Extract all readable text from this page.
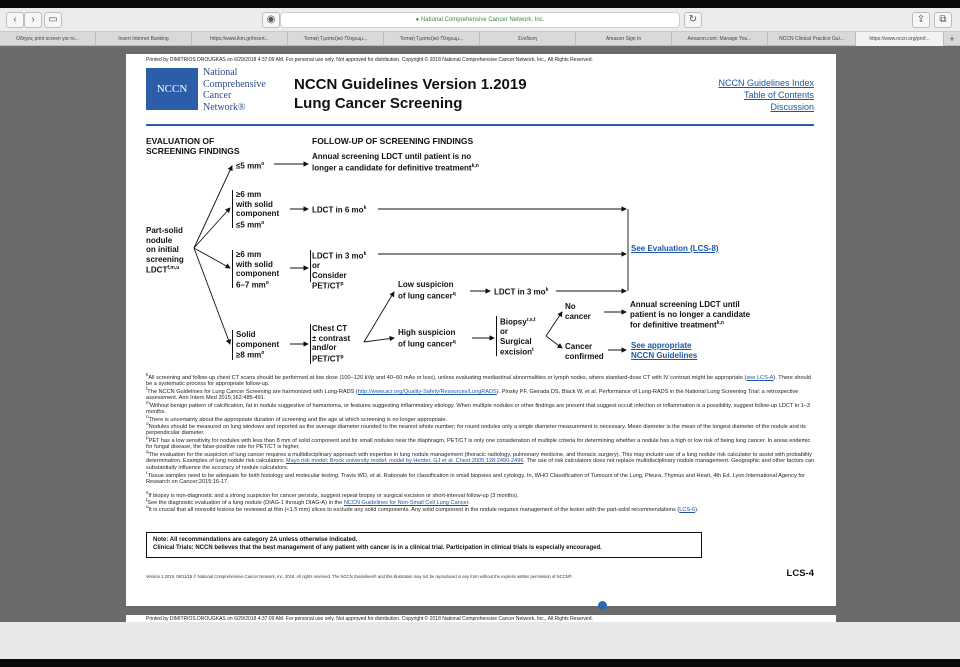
‹	›	▭	◉	● National Comprehensive Cancer Network, Inc.	↻	⇪	⧉
Οδηγός print screen για το...	Insert Internet Banking	https://www.lkm.gr/Insert...	Τοπική Τραπεζικό Πληρωμ...	Τοπική Τραπεζικό Πληρωμ...	Σύνδεση	Amazon Sign In	Amazon.com: Manage You...	NCCN Clinical Practice Gui...	https://www.nccn.org/prof...	+
Printed by DIMITRIOS DROUGKAS on 6/29/2018 4:37:09 AM. For personal use only. Not approved for distribution. Copyright © 2018 National Comprehensive Cancer Network, Inc., All Rights Reserved.
NCCN
National
Comprehensive
Cancer
Network®
NCCN Guidelines Version 1.2019
Lung Cancer Screening
NCCN Guidelines Index
Table of Contents
Discussion
EVALUATION OF SCREENING FINDINGS
FOLLOW-UP OF SCREENING FINDINGS
Part-solid
nodule
on initial
screening
LDCT$^{f,m,u}$
≤5 $mm^o$
≥6 mm
with solid
component
≤5 $mm^o$
≥6 mm
with solid
component
6–7 $mm^o$
Solid
component
≥8 $mm^o$
Annual screening LDCT until patient is no
longer a candidate for definitive treatment$^{k,n}$
LDCT in 6 $mo^k$
LDCT in 3 $mo^k$
or
Consider
PET/$CT^p$
Chest CT
± contrast
and/or
PET/$CT^p$
Low suspicion
of lung cancer$^q$
High suspicion
of lung cancer$^q$
LDCT in 3 $mo^k$
Biopsy$^{r,s,t}$
or
Surgical
excision$^t$
No
cancer
Cancer
confirmed
See Evaluation (LCS-8)
Annual screening LDCT until
patient is no longer a candidate
for definitive treatment$^{k,n}$
See appropriate
NCCN Guidelines
$^k$All screening and follow-up chest CT scans should be performed at low dose (100–120 kVp and 40–60 mAs or less), unless evaluating mediastinal abnormalities or lymph nodes, where standard-dose CT with IV contrast might be appropriate (see LCS-A). There should be a systematic process for appropriate follow-up.
$^f$The NCCN Guidelines for Lung Cancer Screening are harmonized with Lung-RADS (http://www.acr.org/Quality-Safety/Resources/LungRADS). Pinsky PF, Gierada DS, Black W, et al. Performance of Lung-RADS in the National Lung Screening Trial: a retrospective assessment. Ann Intern Med 2015;162:485-491.
$^m$Without benign pattern of calcification, fat in nodule suggestive of hamartoma, or features suggesting inflammatory etiology. When multiple nodules or other findings are present that suggest occult infection or inflammation is a possibility, suggest follow-up LDCT in 1–3 months.
$^n$There is uncertainty about the appropriate duration of screening and the age at which screening is no longer appropriate.
$^o$Nodules should be measured on lung windows and reported as the average diameter rounded to the nearest whole number; for round nodules only a single diameter measurement is necessary. Mean diameter is the mean of the longest diameter of the nodule and its perpendicular diameter.
$^p$PET has a low sensitivity for nodules with less than 8 mm of solid component and for small nodules near the diaphragm. PET/CT is only one consideration of multiple criteria for determining whether a nodule has a high or low risk of being lung cancer. In areas endemic for fungal disease, the false-positive rate for PET/CT is higher.
$^q$The evaluation for the suspicion of lung cancer requires a multidisciplinary approach with expertise in lung nodule management (thoracic radiology, pulmonary medicine, and thoracic surgery). This may include use of a lung nodule risk calculator to assist with probability determination. Examples of lung nodule risk calculators: Mayo risk model; Brock university model; model by Herder, GJ et al. Chest 2005;128:2490-2496. The use of risk calculators does not replace multidisciplinary nodule management. Geographic and other factors can substantially influence the accuracy of nodule calculators.
$^r$Tissue samples need to be adequate for both histology and molecular testing. Travis WD, et al. Rationale for classification in small biopsies and cytology. In, WHO Classification of Tumours of the Lung, Pleura, Thymus and Heart, 4th Ed. Lyon:International Agency for Research on Cancer;2015:16-17.
$^s$If biopsy is non-diagnostic and a strong suspicion for cancer persists, suggest repeat biopsy or surgical excision or short-interval follow-up (3 months).
$^t$See the diagnostic evaluation of a lung nodule (DIAG-1 through DIAG-A) in the NCCN Guidelines for Non-Small Cell Lung Cancer.
$^u$It is crucial that all nonsolid lesions be reviewed at thin (<1.5 mm) slices to exclude any solid components. Any solid component in the nodule requires management of the lesion with the part-solid recommendations (LCS-6).
Note: All recommendations are category 2A unless otherwise indicated.
Clinical Trials: NCCN believes that the best management of any patient with cancer is in a clinical trial. Participation in clinical trials is especially encouraged.
Version 1.2019, 06/11/18 © National Comprehensive Cancer Network, Inc. 2018. All rights reserved. The NCCN Guidelines® and this illustration may not be reproduced in any form without the express written permission of NCCN®.	LCS-4
Printed by DIMITRIOS DROUGKAS on 6/29/2018 4:37:09 AM. For personal use only. Not approved for distribution. Copyright © 2018 National Comprehensive Cancer Network, Inc., All Rights Reserved.
